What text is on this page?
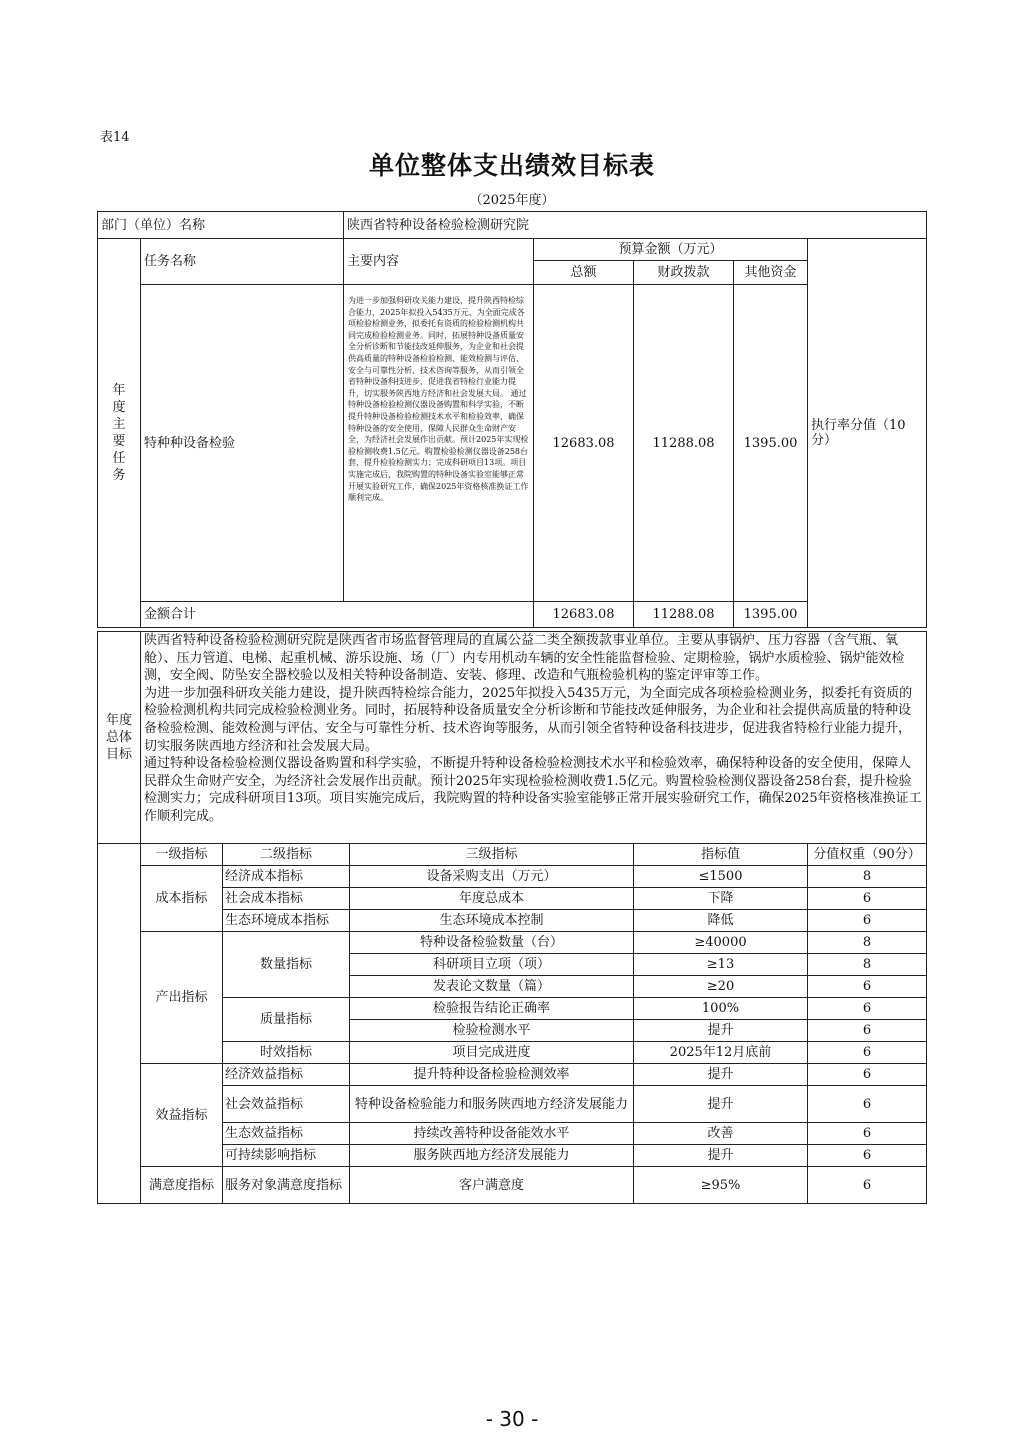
表14
单位整体支出绩效目标表
（2025年度）
部门（单位）名称		陕西省特种设备检验检测研究院				

年度主要任务	任务名称	主要内容	预算金额（万元）			执行率分值（10分）
			总额	财政拨款	其他资金	
	特种种设备检验	为进一步加强科研攻关能力建设，提升陕西特检综合能力，2025年拟投入5435万元，为全面完成各项检验检测业务，拟委托有资质的检验检测机构共同完成检验检测业务。同时，拓展特种设备质量安全分析诊断和节能技改延伸服务，为企业和社会提供高质量的特种设备检验检测、能效检测与评估、安全与可靠性分析、技术咨询等服务，从而引领全省特种设备科技进步，促进我省特检行业能力提升，切实服务陕西地方经济和社会发展大局。 通过特种设备检验检测仪器设备购置和科学实验，不断提升特种设备检验检测技术水平和检验效率，确保特种设备的安全使用，保障人民群众生命财产安全，为经济社会发展作出贡献。预计2025年实现检验检测收费1.5亿元。购置检验检测仪器设备258台套，提升检验检测实力；完成科研项目13项。项目实施完成后，我院购置的特种设备实验室能够正常开展实验研究工作，确保2025年资格核准换证工作顺利完成。	12683.08	11288.08	1395.00	
	金额合计		12683.08	11288.08	1395.00	
年度总体目标

陕西省特种设备检验检测研究院是陕西省市场监督管理局的直属公益二类全额拨款事业单位。主要从事锅炉、压力容器（含气瓶、氧舱）、压力管道、电梯、起重机械、游乐设施、场（厂）内专用机动车辆的安全性能监督检验、定期检验，锅炉水质检验、锅炉能效检测，安全阀、防坠安全器校验以及相关特种设备制造、安装、修理、改造和气瓶检验机构的鉴定评审等工作。

为进一步加强科研攻关能力建设，提升陕西特检综合能力，2025年拟投入5435万元，为全面完成各项检验检测业务，拟委托有资质的检验检测机构共同完成检验检测业务。同时，拓展特种设备质量安全分析诊断和节能技改延伸服务，为企业和社会提供高质量的特种设备检验检测、能效检测与评估、安全与可靠性分析、技术咨询等服务，从而引领全省特种设备科技进步，促进我省特检行业能力提升，切实服务陕西地方经济和社会发展大局。

通过特种设备检验检测仪器设备购置和科学实验，不断提升特种设备检验检测技术水平和检验效率，确保特种设备的安全使用，保障人民群众生命财产安全，为经济社会发展作出贡献。预计2025年实现检验检测收费1.5亿元。购置检验检测仪器设备258台套，提升检验检测实力；完成科研项目13项。项目实施完成后，我院购置的特种设备实验室能够正常开展实验研究工作，确保2025年资格核准换证工作顺利完成。

	一级指标	二级指标	三级指标	指标值	分值权重（90分）
	成本指标	经济成本指标	设备采购支出（万元）	≤1500	8
		社会成本指标	年度总成本	下降	6
		生态环境成本指标	生态环境成本控制	降低	6
	产出指标	数量指标	特种设备检验数量（台）	≥40000	8
			科研项目立项（项）	≥13	8
			发表论文数量（篇）	≥20	6
		质量指标	检验报告结论正确率	100%	6
			检验检测水平	提升	6
		时效指标	项目完成进度	2025年12月底前	6
	效益指标	经济效益指标	提升特种设备检验检测效率	提升	6
		社会效益指标	特种设备检验能力和服务陕西地方经济发展能力	提升	6
		生态效益指标	持续改善特种设备能效水平	改善	6
		可持续影响指标	服务陕西地方经济发展能力	提升	6
	满意度指标	服务对象满意度指标	客户满意度	≥95%	6
- 30 -
